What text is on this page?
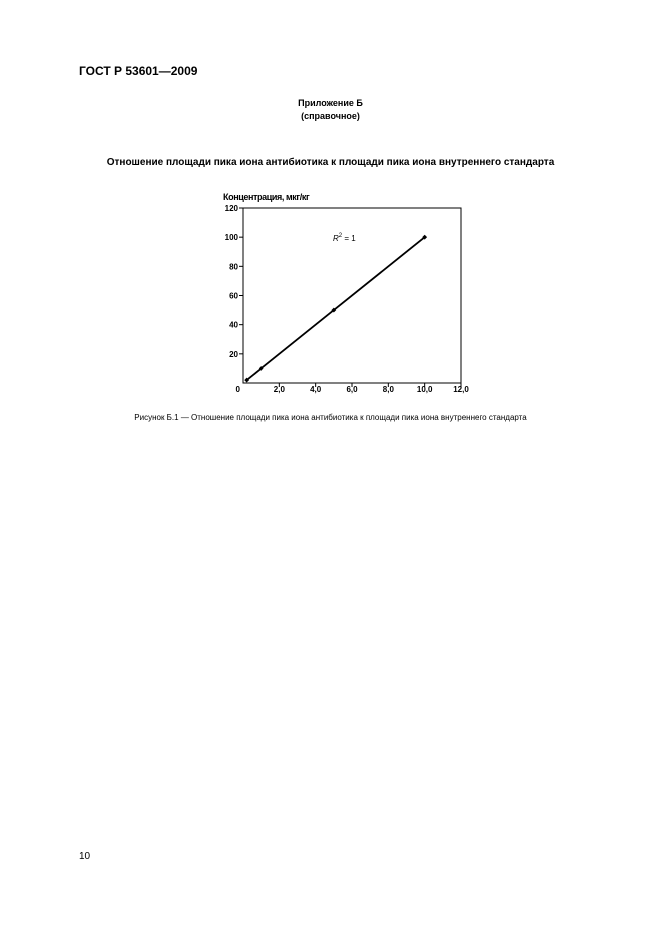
ГОСТ Р 53601—2009
Приложение Б
(справочное)
Отношение площади пика иона антибиотика к площади пика иона внутреннего стандарта
Концентрация, мкг/кг
0	2,0	4,0	6,0	8,0	10,0	12,0
20
40
60
80
100
120
$R^2 = 1$
Рисунок Б.1 — Отношение площади пика иона антибиотика к площади пика иона внутреннего стандарта
10
